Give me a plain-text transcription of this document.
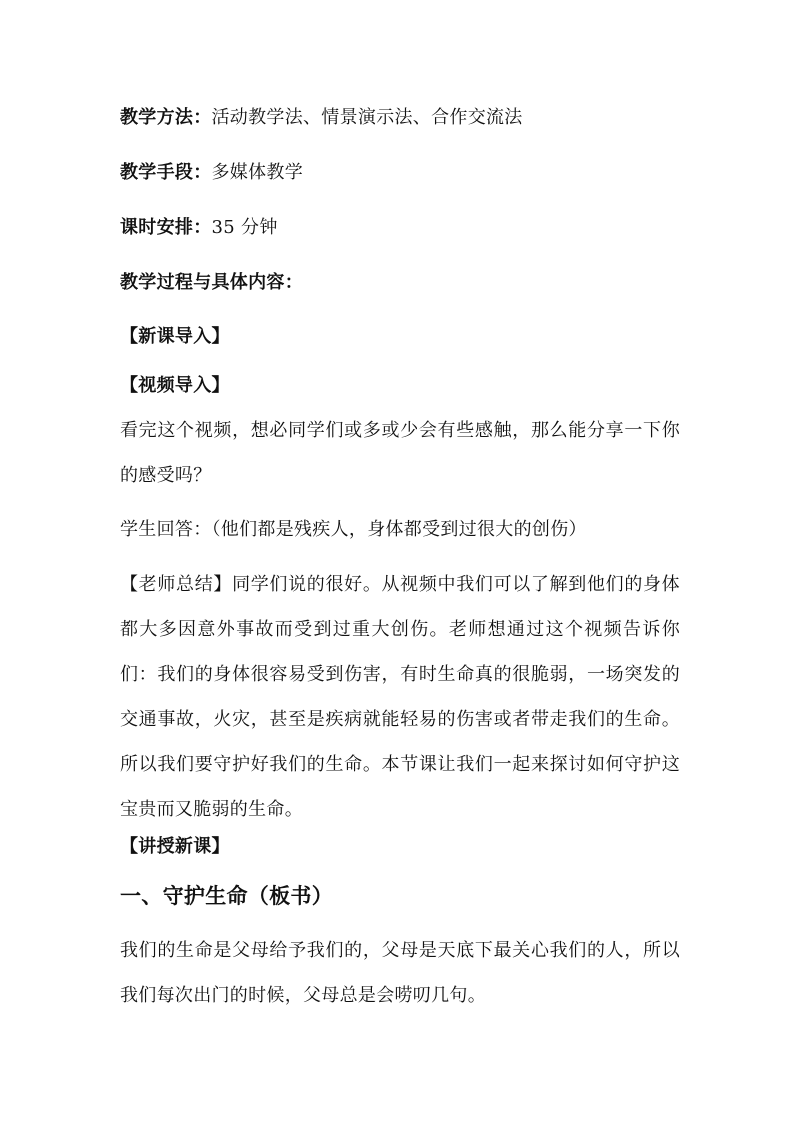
教学方法：活动教学法、情景演示法、合作交流法
教学手段：多媒体教学
课时安排：35 分钟
教学过程与具体内容：
【新课导入】
【视频导入】
看完这个视频，想必同学们或多或少会有些感触，那么能分享一下你的感受吗？
学生回答：（他们都是残疾人，身体都受到过很大的创伤）
【老师总结】同学们说的很好。从视频中我们可以了解到他们的身体都大多因意外事故而受到过重大创伤。老师想通过这个视频告诉你们：我们的身体很容易受到伤害，有时生命真的很脆弱，一场突发的交通事故，火灾，甚至是疾病就能轻易的伤害或者带走我们的生命。所以我们要守护好我们的生命。本节课让我们一起来探讨如何守护这宝贵而又脆弱的生命。
【讲授新课】
一、守护生命（板书）
我们的生命是父母给予我们的，父母是天底下最关心我们的人，所以我们每次出门的时候，父母总是会唠叨几句。
